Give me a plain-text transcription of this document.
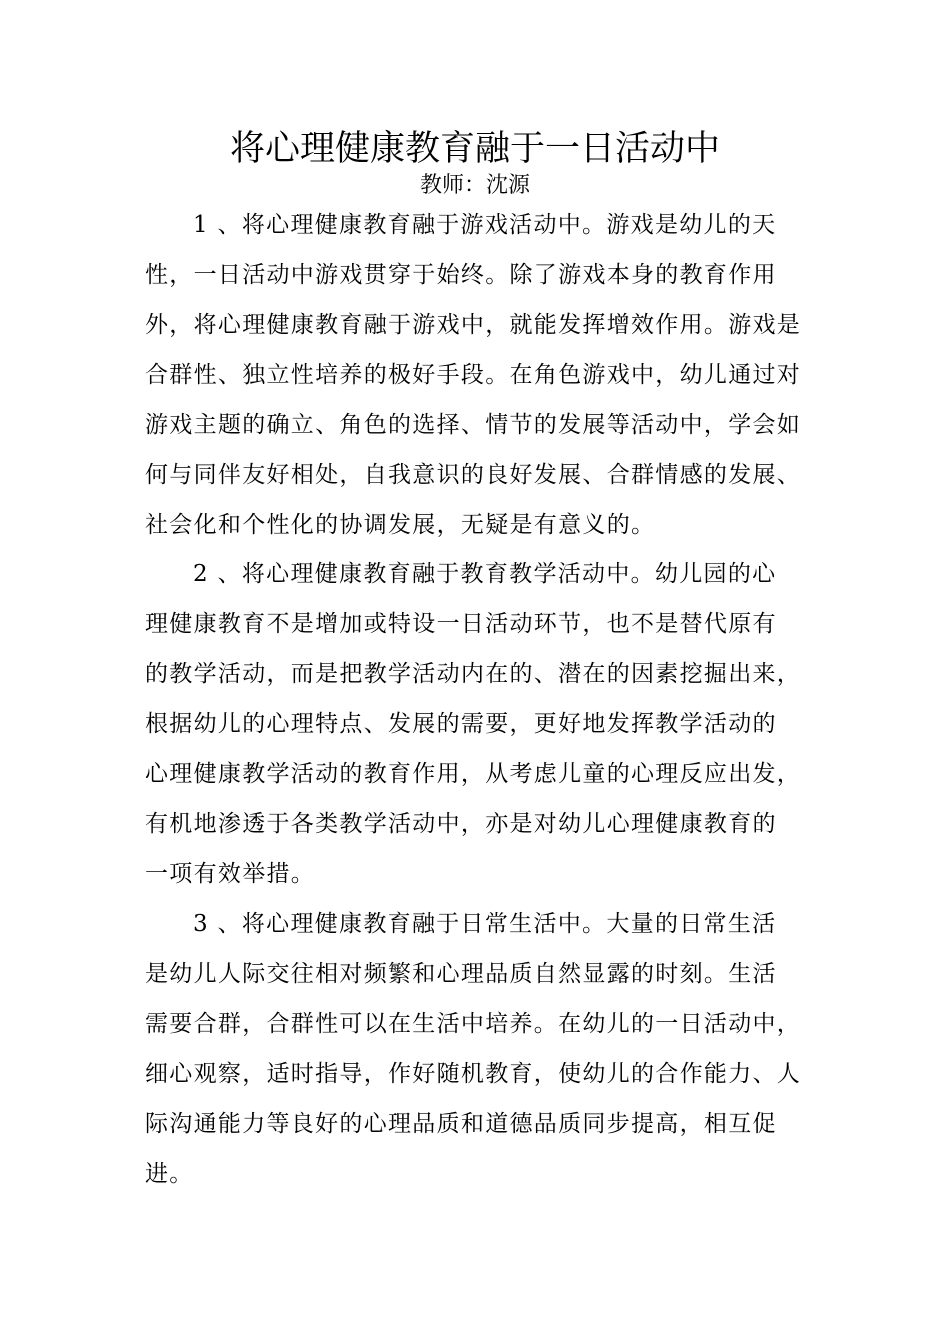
将心理健康教育融于一日活动中
教师：沈源
1 、将心理健康教育融于游戏活动中。游戏是幼儿的天
性，一日活动中游戏贯穿于始终。除了游戏本身的教育作用
外，将心理健康教育融于游戏中，就能发挥增效作用。游戏是
合群性、独立性培养的极好手段。在角色游戏中，幼儿通过对
游戏主题的确立、角色的选择、情节的发展等活动中，学会如
何与同伴友好相处，自我意识的良好发展、合群情感的发展、
社会化和个性化的协调发展，无疑是有意义的。
2 、将心理健康教育融于教育教学活动中。幼儿园的心
理健康教育不是增加或特设一日活动环节，也不是替代原有
的教学活动，而是把教学活动内在的、潜在的因素挖掘出来，
根据幼儿的心理特点、发展的需要，更好地发挥教学活动的
心理健康教学活动的教育作用，从考虑儿童的心理反应出发，
有机地渗透于各类教学活动中，亦是对幼儿心理健康教育的
一项有效举措。
3 、将心理健康教育融于日常生活中。大量的日常生活
是幼儿人际交往相对频繁和心理品质自然显露的时刻。生活
需要合群，合群性可以在生活中培养。在幼儿的一日活动中，
细心观察，适时指导，作好随机教育，使幼儿的合作能力、人
际沟通能力等良好的心理品质和道德品质同步提高，相互促
进。
